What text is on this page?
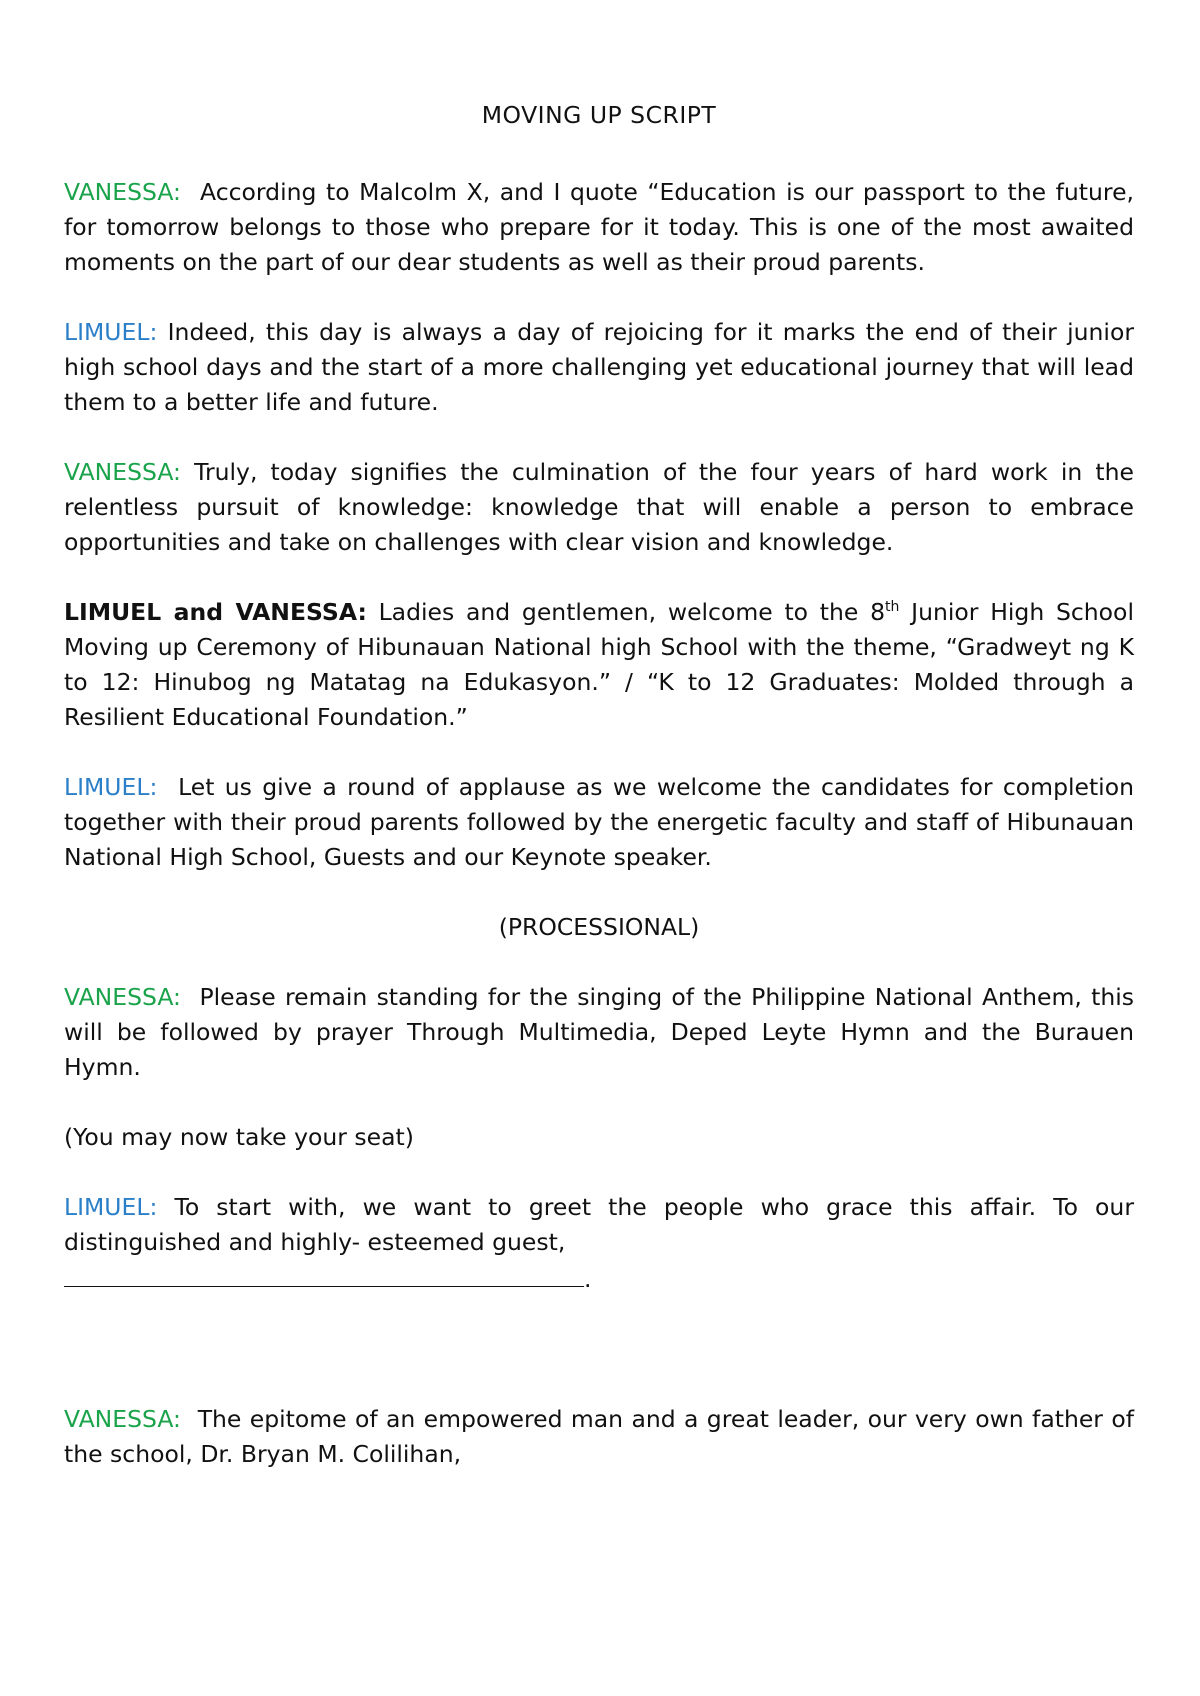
MOVING UP SCRIPT

VANESSA: According to Malcolm X, and I quote “Education is our passport to the future, for tomorrow belongs to those who prepare for it today. This is one of the most awaited moments on the part of our dear students as well as their proud parents.

LIMUEL: Indeed, this day is always a day of rejoicing for it marks the end of their junior high school days and the start of a more challenging yet educational journey that will lead them to a better life and future.

VANESSA: Truly, today signifies the culmination of the four years of hard work in the relentless pursuit of knowledge: knowledge that will enable a person to embrace opportunities and take on challenges with clear vision and knowledge.

LIMUEL and VANESSA: Ladies and gentlemen, welcome to the 8th Junior High School Moving up Ceremony of Hibunauan National high School with the theme, “Gradweyt ng K to 12: Hinubog ng Matatag na Edukasyon.” / “K to 12 Graduates: Molded through a Resilient Educational Foundation.”

LIMUEL: Let us give a round of applause as we welcome the candidates for completion together with their proud parents followed by the energetic faculty and staff of Hibunauan National High School, Guests and our Keynote speaker.

(PROCESSIONAL)

VANESSA: Please remain standing for the singing of the Philippine National Anthem, this will be followed by prayer Through Multimedia, Deped Leyte Hymn and the Burauen Hymn.

(You may now take your seat)

LIMUEL: To start with, we want to greet the people who grace this affair. To our distinguished and highly- esteemed guest,

.

VANESSA: The epitome of an empowered man and a great leader, our very own father of the school, Dr. Bryan M. Colilihan,
